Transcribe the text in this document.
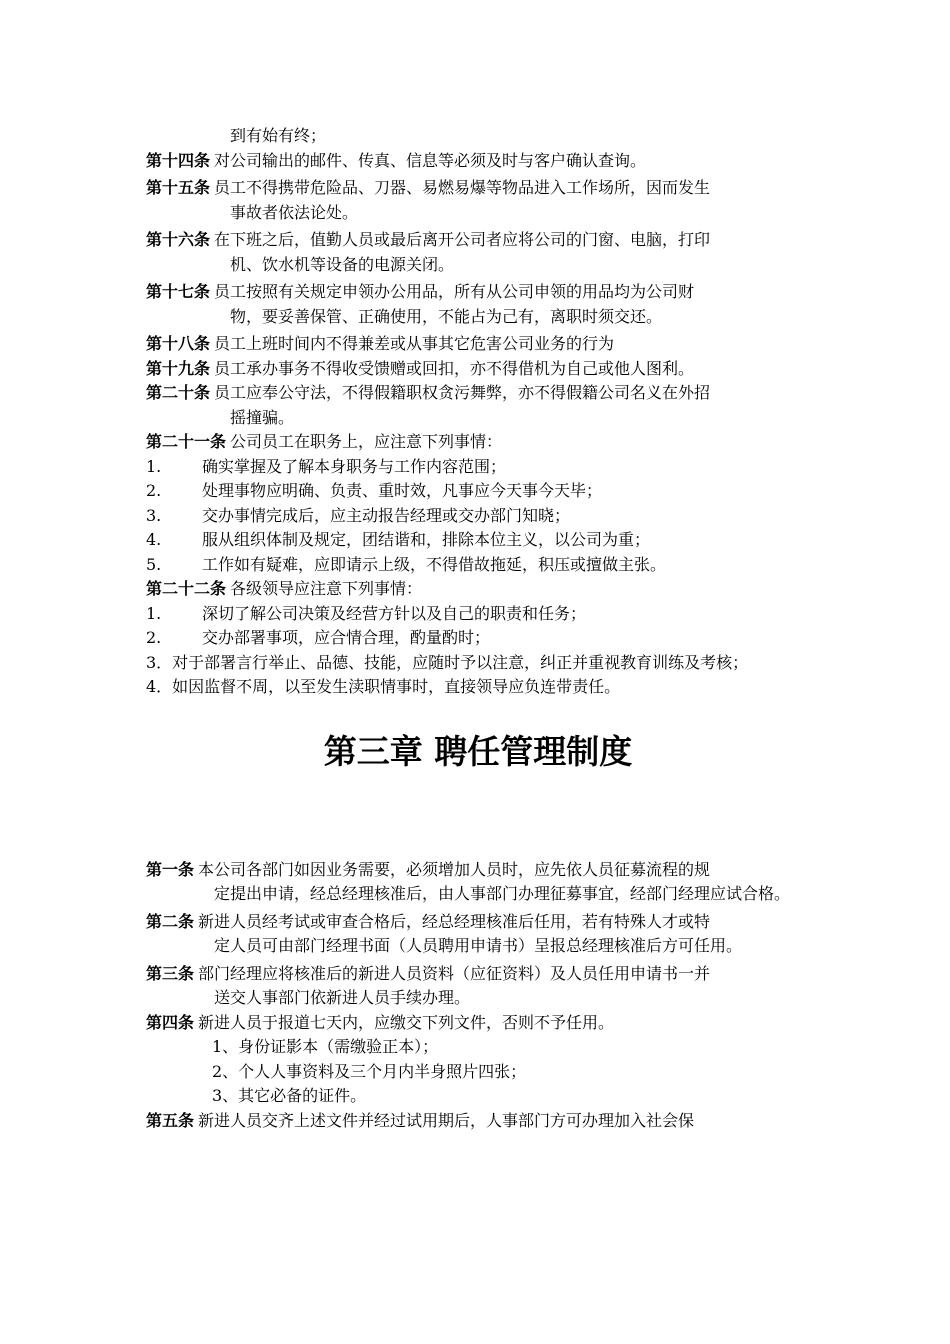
到有始有终；
第十四条 对公司输出的邮件、传真、信息等必须及时与客户确认查询。
第十五条 员工不得携带危险品、刀器、易燃易爆等物品进入工作场所，因而发生
事故者依法论处。
第十六条 在下班之后，值勤人员或最后离开公司者应将公司的门窗、电脑，打印
机、饮水机等设备的电源关闭。
第十七条 员工按照有关规定申领办公用品，所有从公司申领的用品均为公司财
物，要妥善保管、正确使用，不能占为己有，离职时须交还。
第十八条 员工上班时间内不得兼差或从事其它危害公司业务的行为
第十九条 员工承办事务不得收受馈赠或回扣，亦不得借机为自己或他人图利。
第二十条 员工应奉公守法，不得假籍职权贪污舞弊，亦不得假籍公司名义在外招
摇撞骗。
第二十一条 公司员工在职务上，应注意下列事情：
1.	确实掌握及了解本身职务与工作内容范围；
2.	处理事物应明确、负责、重时效，凡事应今天事今天毕；
3.	交办事情完成后，应主动报告经理或交办部门知晓；
4.	服从组织体制及规定，团结谐和，排除本位主义，以公司为重；
5.	工作如有疑难，应即请示上级，不得借故拖延，积压或擅做主张。
第二十二条 各级领导应注意下列事情：
1.	深切了解公司决策及经营方针以及自己的职责和任务；
2.	交办部署事项，应合情合理，酌量酌时；
3．对于部署言行举止、品德、技能，应随时予以注意，纠正并重视教育训练及考核；
4．如因监督不周，以至发生渎职情事时，直接领导应负连带责任。
第三章 聘任管理制度
第一条 本公司各部门如因业务需要，必须增加人员时，应先依人员征募流程的规
定提出申请，经总经理核准后，由人事部门办理征募事宜，经部门经理应试合格。
第二条 新进人员经考试或审查合格后，经总经理核准后任用，若有特殊人才或特
定人员可由部门经理书面（人员聘用申请书）呈报总经理核准后方可任用。
第三条 部门经理应将核准后的新进人员资料（应征资料）及人员任用申请书一并
送交人事部门依新进人员手续办理。
第四条 新进人员于报道七天内，应缴交下列文件，否则不予任用。
1、身份证影本（需缴验正本）；
2、个人人事资料及三个月内半身照片四张；
3、其它必备的证件。
第五条 新进人员交齐上述文件并经过试用期后，人事部门方可办理加入社会保
